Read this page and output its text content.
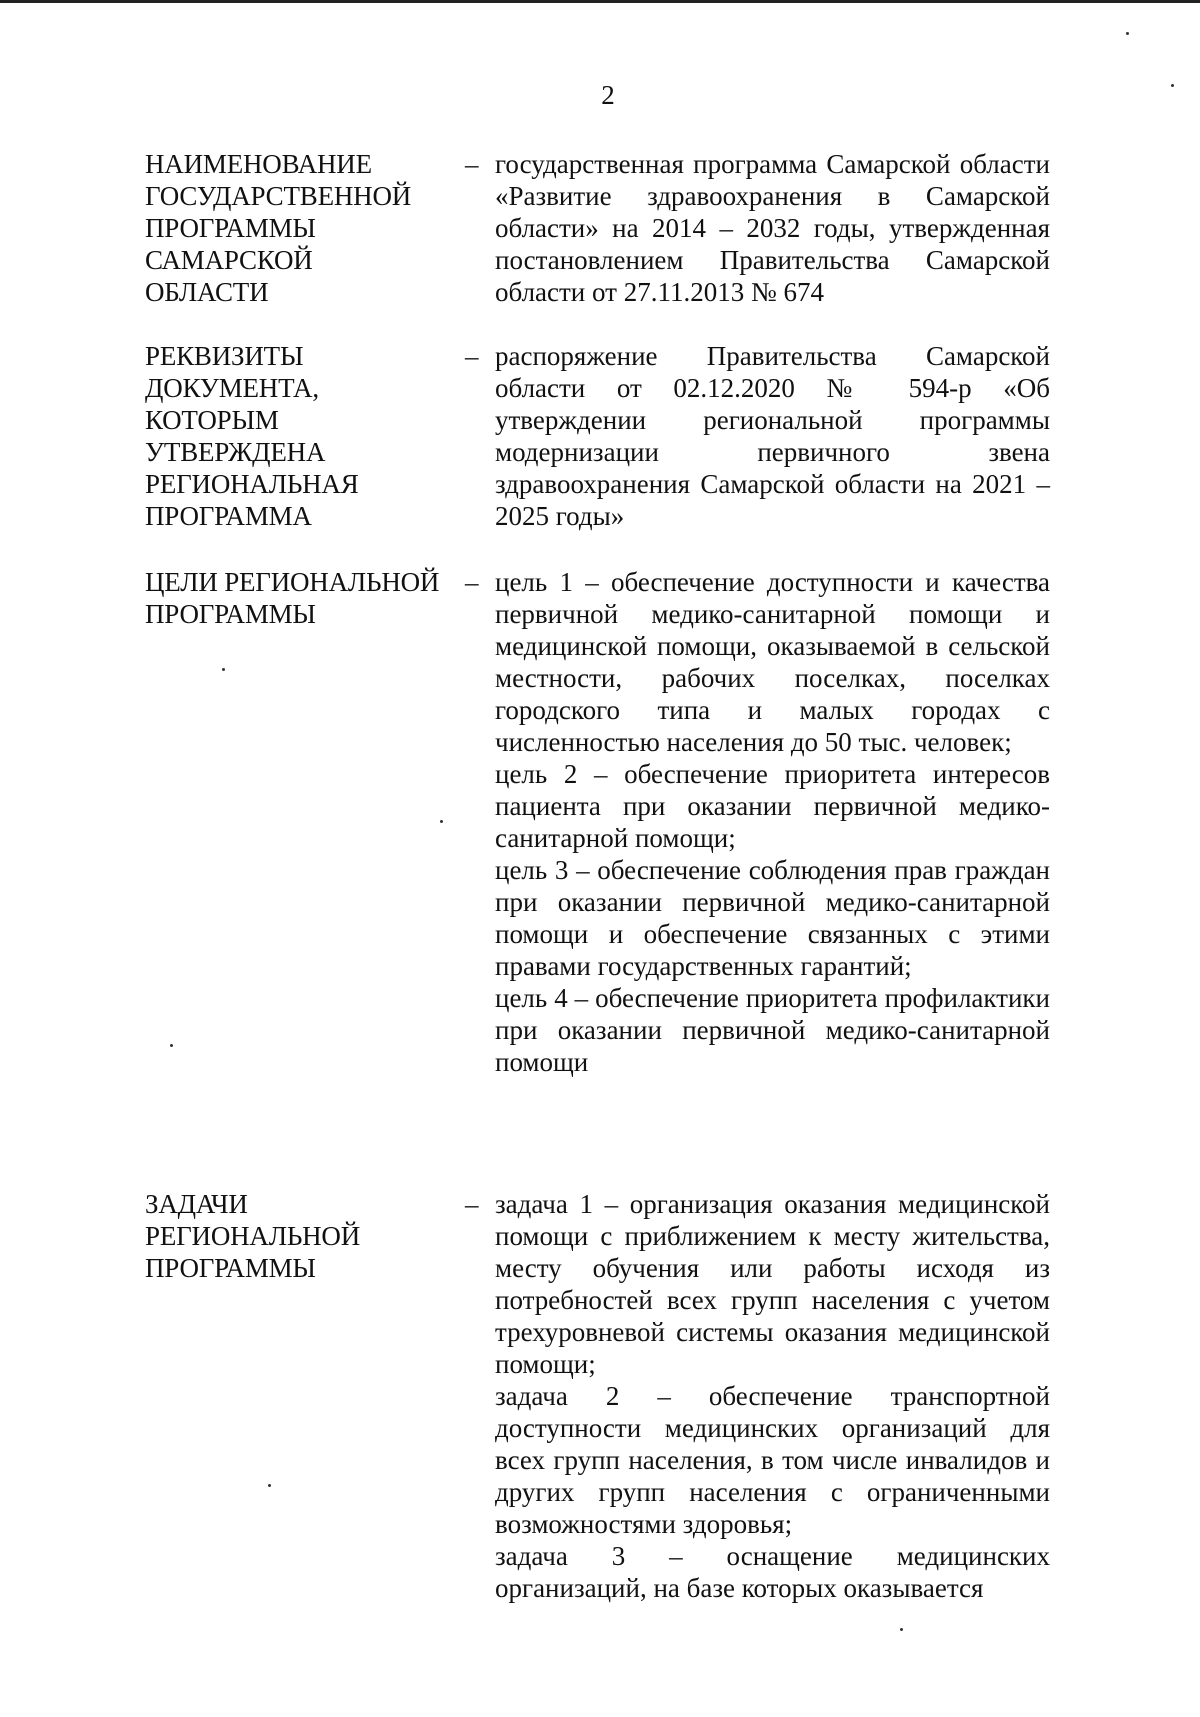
2
НАИМЕНОВАНИЕ
ГОСУДАРСТВЕННОЙ
ПРОГРАММЫ
САМАРСКОЙ
ОБЛАСТИ
– государственная программа Самарской области «Развитие здравоохранения в Самарской области» на 2014 – 2032 годы, утвержденная постановлением Правительства Самарской области от 27.11.2013 № 674

РЕКВИЗИТЫ
ДОКУМЕНТА,
КОТОРЫМ
УТВЕРЖДЕНА
РЕГИОНАЛЬНАЯ
ПРОГРАММА
– распоряжение Правительства Самарской области от 02.12.2020 № 594-р «Об утверждении региональной программы модернизации первичного звена здравоохранения Самарской области на 2021 – 2025 годы»

ЦЕЛИ РЕГИОНАЛЬНОЙ
ПРОГРАММЫ
– цель 1 – обеспечение доступности и качества первичной медико-санитарной помощи и медицинской помощи, оказываемой в сельской местности, рабочих поселках, поселках городского типа и малых городах с численностью населения до 50 тыс. человек;

цель 2 – обеспечение приоритета интересов пациента при оказании первичной медико-санитарной помощи;

цель 3 – обеспечение соблюдения прав граждан при оказании первичной медико-санитарной помощи и обеспечение связанных с этими правами государственных гарантий;

цель 4 – обеспечение приоритета профилактики при оказании первичной медико-санитарной помощи

ЗАДАЧИ
РЕГИОНАЛЬНОЙ
ПРОГРАММЫ
– задача 1 – организация оказания медицинской помощи с приближением к месту жительства, месту обучения или работы исходя из потребностей всех групп населения с учетом трехуровневой системы оказания медицинской помощи;

задача 2 – обеспечение транспортной доступности медицинских организаций для всех групп населения, в том числе инвалидов и других групп населения с ограниченными возможностями здоровья;

задача 3 – оснащение медицинских организаций, на базе которых оказывается
